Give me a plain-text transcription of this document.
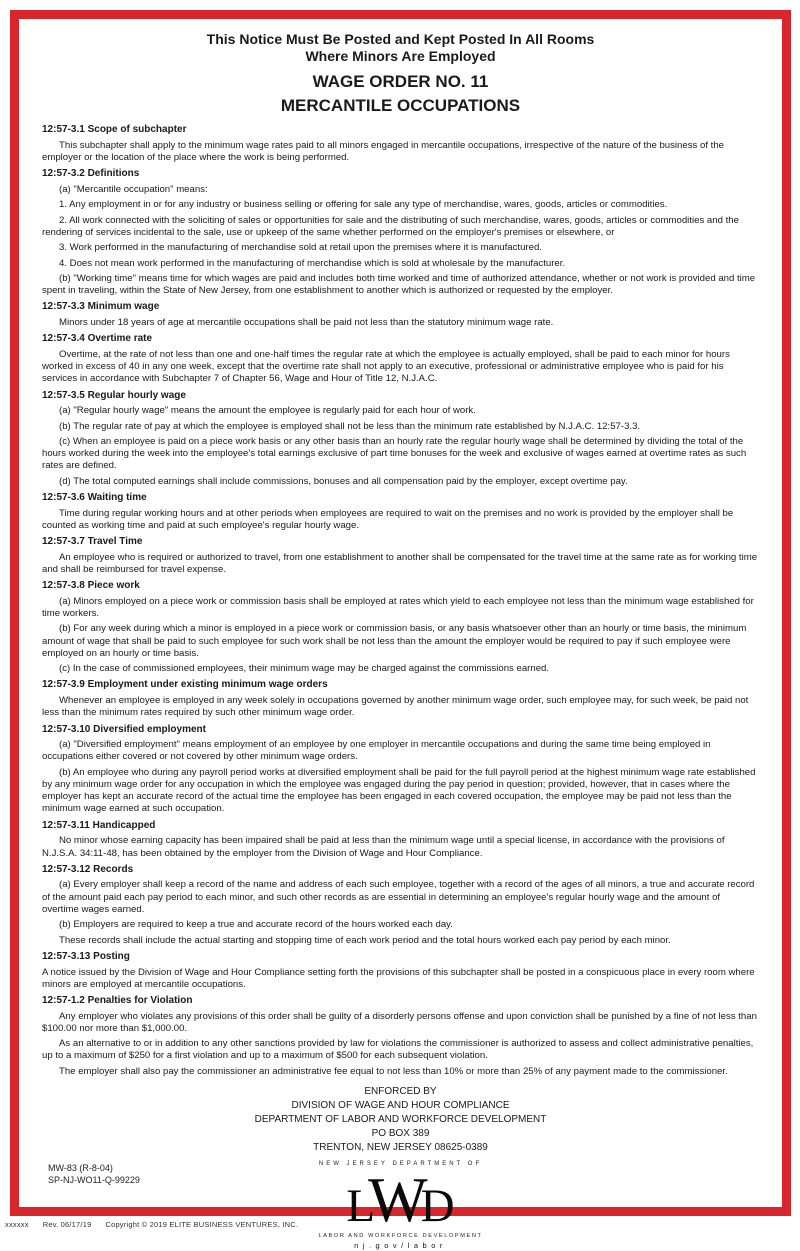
This Notice Must Be Posted and Kept Posted In All Rooms

Where Minors Are Employed

WAGE ORDER NO. 11
MERCANTILE OCCUPATIONS
12:57-3.1 Scope of subchapter

This subchapter shall apply to the minimum wage rates paid to all minors engaged in mercantile occupations, irrespective of the nature of the business of the employer or the location of the place where the work is being performed.

12:57-3.2 Definitions

(a) "Mercantile occupation" means:

1. Any employment in or for any industry or business selling or offering for sale any type of merchandise, wares, goods, articles or commodities.

2. All work connected with the soliciting of sales or opportunities for sale and the distributing of such merchandise, wares, goods, articles or commodities and the rendering of services incidental to the sale, use or upkeep of the same whether performed on the employer's premises or elsewhere, or

3. Work performed in the manufacturing of merchandise sold at retail upon the premises where it is manufactured.

4. Does not mean work performed in the manufacturing of merchandise which is sold at wholesale by the manufacturer.

(b) "Working time" means time for which wages are paid and includes both time worked and time of authorized attendance, whether or not work is provided and time spent in traveling, within the State of New Jersey, from one establishment to another which is authorized or requested by the employer.

12:57-3.3 Minimum wage

Minors under 18 years of age at mercantile occupations shall be paid not less than the statutory minimum wage rate.

12:57-3.4 Overtime rate

Overtime, at the rate of not less than one and one-half times the regular rate at which the employee is actually employed, shall be paid to each minor for hours worked in excess of 40 in any one week, except that the overtime rate shall not apply to an executive, professional or administrative employee who is paid for his services in accordance with Subchapter 7 of Chapter 56, Wage and Hour of Title 12, N.J.A.C.

12:57-3.5 Regular hourly wage

(a) "Regular hourly wage" means the amount the employee is regularly paid for each hour of work.

(b) The regular rate of pay at which the employee is employed shall not be less than the minimum rate established by N.J.A.C. 12:57-3.3.

(c) When an employee is paid on a piece work basis or any other basis than an hourly rate the regular hourly wage shall be determined by dividing the total of the hours worked during the week into the employee's total earnings exclusive of part time bonuses for the week and exclusive of wages earned at overtime rates as such rates are defined.

(d) The total computed earnings shall include commissions, bonuses and all compensation paid by the employer, except overtime pay.

12:57-3.6 Waiting time

Time during regular working hours and at other periods when employees are required to wait on the premises and no work is provided by the employer shall be counted as working time and paid at such employee's regular hourly wage.

12:57-3.7 Travel Time

An employee who is required or authorized to travel, from one establishment to another shall be compensated for the travel time at the same rate as for working time and shall be reimbursed for travel expense.

12:57-3.8 Piece work

(a) Minors employed on a piece work or commission basis shall be employed at rates which yield to each employee not less than the minimum wage established for time workers.

(b) For any week during which a minor is employed in a piece work or commission basis, or any basis whatsoever other than an hourly or time basis, the minimum amount of wage that shall be paid to such employee for such work shall be not less than the amount the employer would be required to pay if such employee were employed on an hourly or time basis.

(c) In the case of commissioned employees, their minimum wage may be charged against the commissions earned.

12:57-3.9 Employment under existing minimum wage orders

Whenever an employee is employed in any week solely in occupations governed by another minimum wage order, such employee may, for such week, be paid not less than the minimum rates required by such other minimum wage order.

12:57-3.10 Diversified employment

(a) "Diversified employment" means employment of an employee by one employer in mercantile occupations and during the same time being employed in occupations either covered or not covered by other minimum wage orders.

(b) An employee who during any payroll period works at diversified employment shall be paid for the full payroll period at the highest minimum wage rate established by any minimum wage order for any occupation in which the employee was engaged during the pay period in question; provided, however, that in cases where the employer has kept an accurate record of the actual time the employee has been engaged in each covered occupation, the employee may be paid not less than the minimum wage earned at such occupation.

12:57-3.11 Handicapped

No minor whose earning capacity has been impaired shall be paid at less than the minimum wage until a special license, in accordance with the provisions of N.J.S.A. 34:11-48, has been obtained by the employer from the Division of Wage and Hour Compliance.

12:57-3.12 Records

(a) Every employer shall keep a record of the name and address of each such employee, together with a record of the ages of all minors, a true and accurate record of the amount paid each pay period to each minor, and such other records as are essential in determining an employee's regular hourly wage and the amount of overtime wages earned.

(b) Employers are required to keep a true and accurate record of the hours worked each day.

These records shall include the actual starting and stopping time of each work period and the total hours worked each pay period by each minor.

12:57-3.13 Posting

A notice issued by the Division of Wage and Hour Compliance setting forth the provisions of this subchapter shall be posted in a conspicuous place in every room where minors are employed at mercantile occupations.

12:57-1.2 Penalties for Violation

Any employer who violates any provisions of this order shall be guilty of a disorderly persons offense and upon conviction shall be punished by a fine of not less than $100.00 nor more than $1,000.00.

As an alternative to or in addition to any other sanctions provided by law for violations the commissioner is authorized to assess and collect administrative penalties, up to a maximum of $250 for a first violation and up to a maximum of $500 for each subsequent violation.

The employer shall also pay the commissioner an administrative fee equal to not less than 10% or more than 25% of any payment made to the commissioner.

ENFORCED BY

DIVISION OF WAGE AND HOUR COMPLIANCE

DEPARTMENT OF LABOR AND WORKFORCE DEVELOPMENT

PO BOX 389

TRENTON, NEW JERSEY 08625-0389

NEW JERSEY DEPARTMENT OF
LWD
LABOR AND WORKFORCE DEVELOPMENT
nj.gov/labor
MW-83 (R-8-04)
SP-NJ-WO11-Q-99229
xxxxxx Rev. 06/17/19 Copyright © 2019 ELITE BUSINESS VENTURES, INC.
